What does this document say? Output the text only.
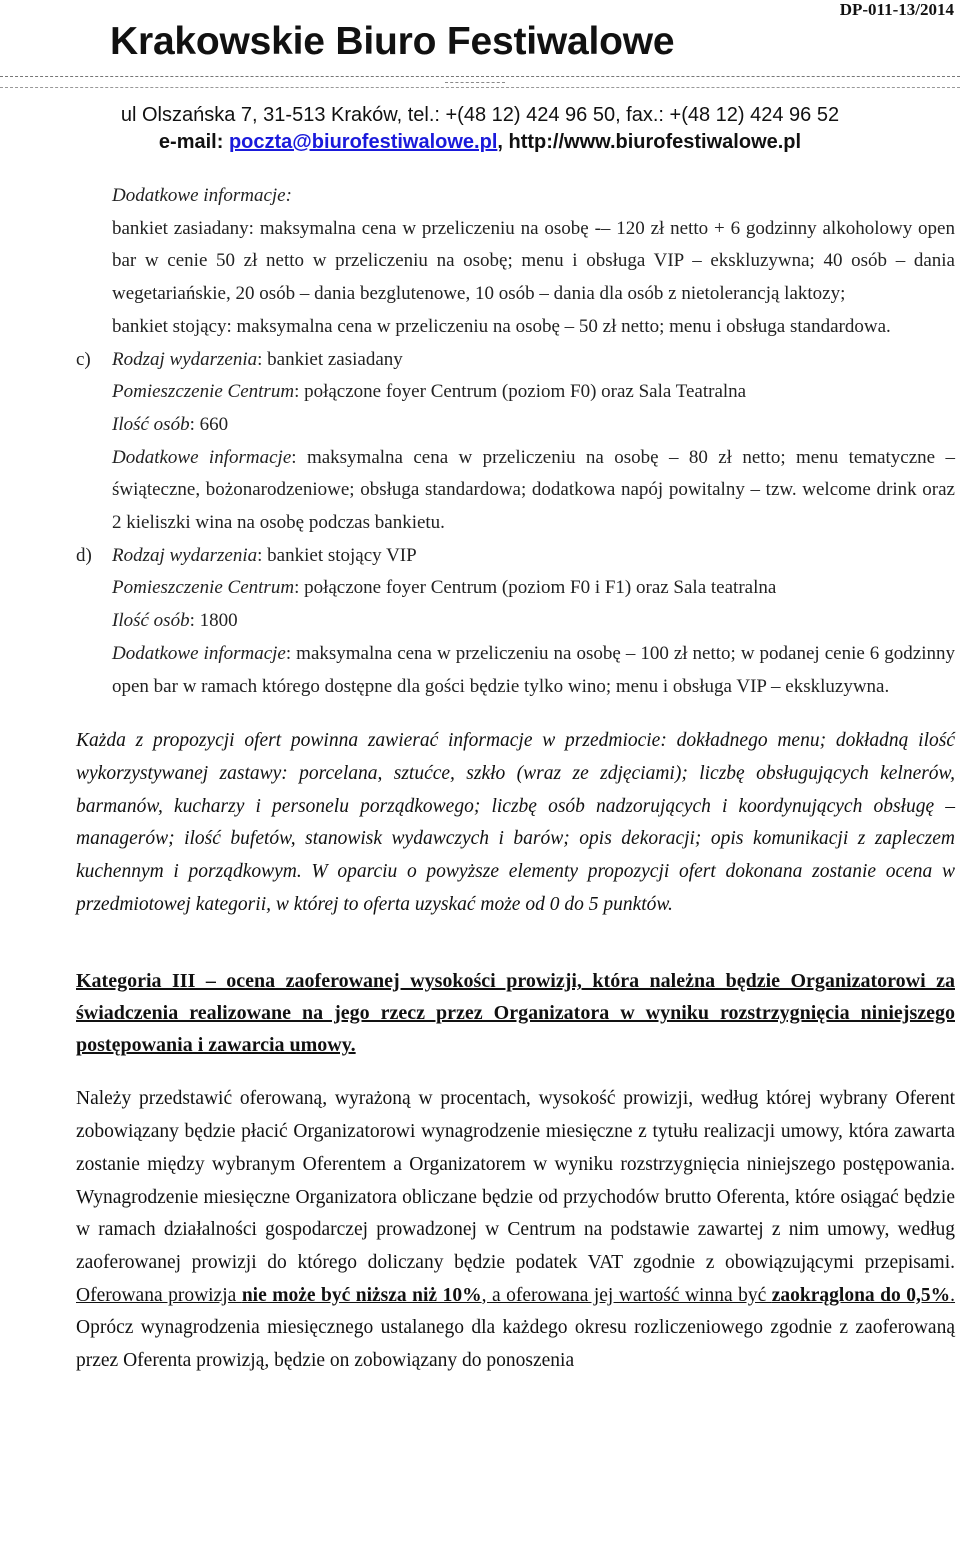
DP-011-13/2014
Krakowskie Biuro Festiwalowe
ul Olszańska 7, 31-513 Kraków, tel.: +(48 12) 424 96 50, fax.: +(48 12) 424 96 52
e-mail: poczta@biurofestiwalowe.pl, http://www.biurofestiwalowe.pl
Dodatkowe informacje:
bankiet zasiadany: maksymalna cena w przeliczeniu na osobę -– 120 zł netto + 6 godzinny alkoholowy open bar w cenie 50 zł netto w przeliczeniu na osobę; menu i obsługa VIP – ekskluzywna; 40 osób – dania wegetariańskie, 20 osób – dania bezglutenowe, 10 osób – dania dla osób z nietolerancją laktozy;
bankiet stojący: maksymalna cena w przeliczeniu na osobę – 50 zł netto; menu i obsługa standardowa.
c) Rodzaj wydarzenia: bankiet zasiadany
Pomieszczenie Centrum: połączone foyer Centrum (poziom F0) oraz Sala Teatralna
Ilość osób: 660
Dodatkowe informacje: maksymalna cena w przeliczeniu na osobę – 80 zł netto; menu tematyczne – świąteczne, bożonarodzeniowe; obsługa standardowa; dodatkowa napój powitalny – tzw. welcome drink oraz 2 kieliszki wina na osobę podczas bankietu.
d) Rodzaj wydarzenia: bankiet stojący VIP
Pomieszczenie Centrum: połączone foyer Centrum (poziom F0 i F1) oraz Sala teatralna
Ilość osób: 1800
Dodatkowe informacje: maksymalna cena w przeliczeniu na osobę – 100 zł netto; w podanej cenie 6 godzinny open bar w ramach którego dostępne dla gości będzie tylko wino; menu i obsługa VIP – ekskluzywna.
Każda z propozycji ofert powinna zawierać informacje w przedmiocie: dokładnego menu; dokładną ilość wykorzystywanej zastawy: porcelana, sztućce, szkło (wraz ze zdjęciami); liczbę obsługujących kelnerów, barmanów, kucharzy i personelu porządkowego; liczbę osób nadzorujących i koordynujących obsługę – managerów; ilość bufetów, stanowisk wydawczych i barów; opis dekoracji; opis komunikacji z zapleczem kuchennym i porządkowym. W oparciu o powyższe elementy propozycji ofert dokonana zostanie ocena w przedmiotowej kategorii, w której to oferta uzyskać może od 0 do 5 punktów.
Kategoria III – ocena zaoferowanej wysokości prowizji, która należna będzie Organizatorowi za świadczenia realizowane na jego rzecz przez Organizatora w wyniku rozstrzygnięcia niniejszego postępowania i zawarcia umowy.
Należy przedstawić oferowaną, wyrażoną w procentach, wysokość prowizji, według której wybrany Oferent zobowiązany będzie płacić Organizatorowi wynagrodzenie miesięczne z tytułu realizacji umowy, która zawarta zostanie między wybranym Oferentem a Organizatorem w wyniku rozstrzygnięcia niniejszego postępowania. Wynagrodzenie miesięczne Organizatora obliczane będzie od przychodów brutto Oferenta, które osiągać będzie w ramach działalności gospodarczej prowadzonej w Centrum na podstawie zawartej z nim umowy, według zaoferowanej prowizji do którego doliczany będzie podatek VAT zgodnie z obowiązującymi przepisami. Oferowana prowizja nie może być niższa niż 10%, a oferowana jej wartość winna być zaokrąglona do 0,5%. Oprócz wynagrodzenia miesięcznego ustalanego dla każdego okresu rozliczeniowego zgodnie z zaoferowaną przez Oferenta prowizją, będzie on zobowiązany do ponoszenia
